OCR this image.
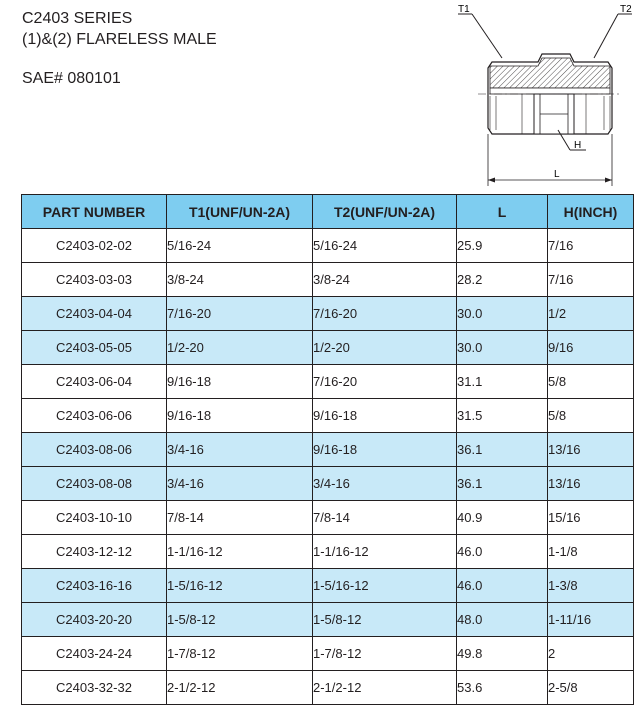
C2403 SERIES
(1)&(2) FLARELESS MALE
SAE# 080101
T1	T2
H
L
PART NUMBER	T1(UNF/UN-2A)	T2(UNF/UN-2A)	L	H(INCH)
C2403-02-02	5/16-24	5/16-24	25.9	7/16
C2403-03-03	3/8-24	3/8-24	28.2	7/16
C2403-04-04	7/16-20	7/16-20	30.0	1/2
C2403-05-05	1/2-20	1/2-20	30.0	9/16
C2403-06-04	9/16-18	7/16-20	31.1	5/8
C2403-06-06	9/16-18	9/16-18	31.5	5/8
C2403-08-06	3/4-16	9/16-18	36.1	13/16
C2403-08-08	3/4-16	3/4-16	36.1	13/16
C2403-10-10	7/8-14	7/8-14	40.9	15/16
C2403-12-12	1-1/16-12	1-1/16-12	46.0	1-1/8
C2403-16-16	1-5/16-12	1-5/16-12	46.0	1-3/8
C2403-20-20	1-5/8-12	1-5/8-12	48.0	1-11/16
C2403-24-24	1-7/8-12	1-7/8-12	49.8	2
C2403-32-32	2-1/2-12	2-1/2-12	53.6	2-5/8
